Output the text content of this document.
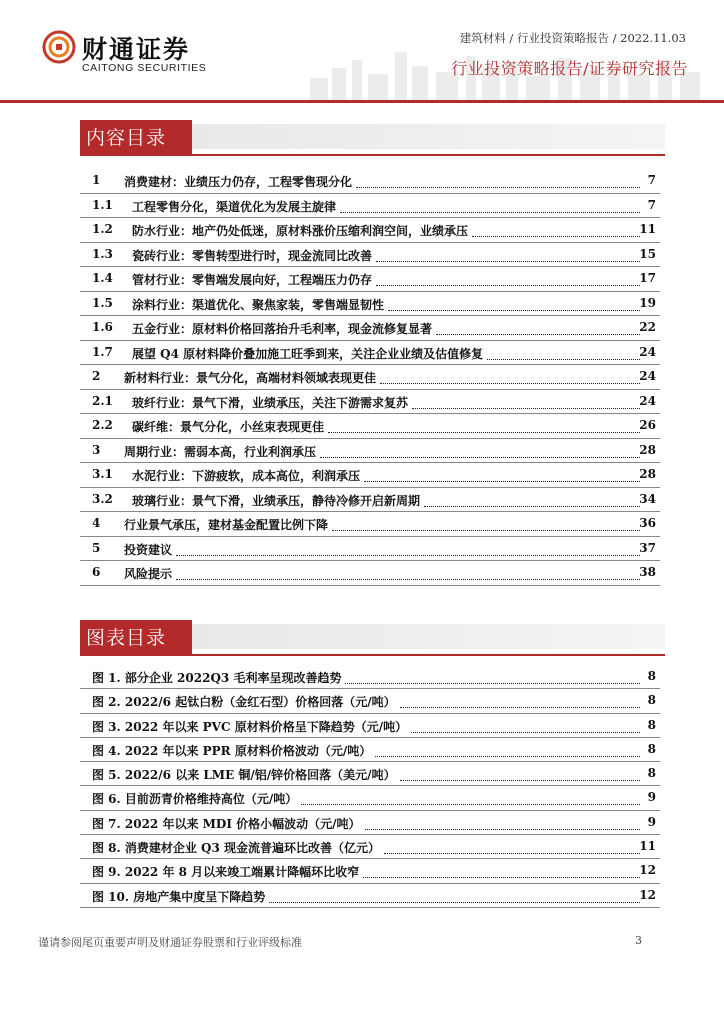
财通证券
CAITONG SECURITIES
建筑材料 / 行业投资策略报告 / 2022.11.03
行业投资策略报告/证券研究报告
内容目录
1 消费建材：业绩压力仍存，工程零售现分化	7
1.1 工程零售分化，渠道优化为发展主旋律	7
1.2 防水行业：地产仍处低迷，原材料涨价压缩利润空间，业绩承压	11
1.3 瓷砖行业：零售转型进行时，现金流同比改善	15
1.4 管材行业：零售端发展向好，工程端压力仍存	17
1.5 涂料行业：渠道优化、聚焦家装，零售端显韧性	19
1.6 五金行业：原材料价格回落抬升毛利率，现金流修复显著	22
1.7 展望 Q4 原材料降价叠加施工旺季到来，关注企业业绩及估值修复	24
2 新材料行业：景气分化，高端材料领域表现更佳	24
2.1 玻纤行业：景气下滑，业绩承压，关注下游需求复苏	24
2.2 碳纤维：景气分化，小丝束表现更佳	26
3 周期行业：需弱本高，行业利润承压	28
3.1 水泥行业：下游疲软，成本高位，利润承压	28
3.2 玻璃行业：景气下滑，业绩承压，静待冷修开启新周期	34
4 行业景气承压，建材基金配置比例下降	36
5 投资建议	37
6 风险提示	38
图表目录
图 1. 部分企业 2022Q3 毛利率呈现改善趋势	8
图 2. 2022/6 起钛白粉（金红石型）价格回落（元/吨）	8
图 3. 2022 年以来 PVC 原材料价格呈下降趋势（元/吨）	8
图 4. 2022 年以来 PPR 原材料价格波动（元/吨）	8
图 5. 2022/6 以来 LME 铜/铝/锌价格回落（美元/吨）	8
图 6. 目前沥青价格维持高位（元/吨）	9
图 7. 2022 年以来 MDI 价格小幅波动（元/吨）	9
图 8. 消费建材企业 Q3 现金流普遍环比改善（亿元）	11
图 9. 2022 年 8 月以来竣工端累计降幅环比收窄	12
图 10. 房地产集中度呈下降趋势	12
谨请参阅尾页重要声明及财通证券股票和行业评级标准	3
